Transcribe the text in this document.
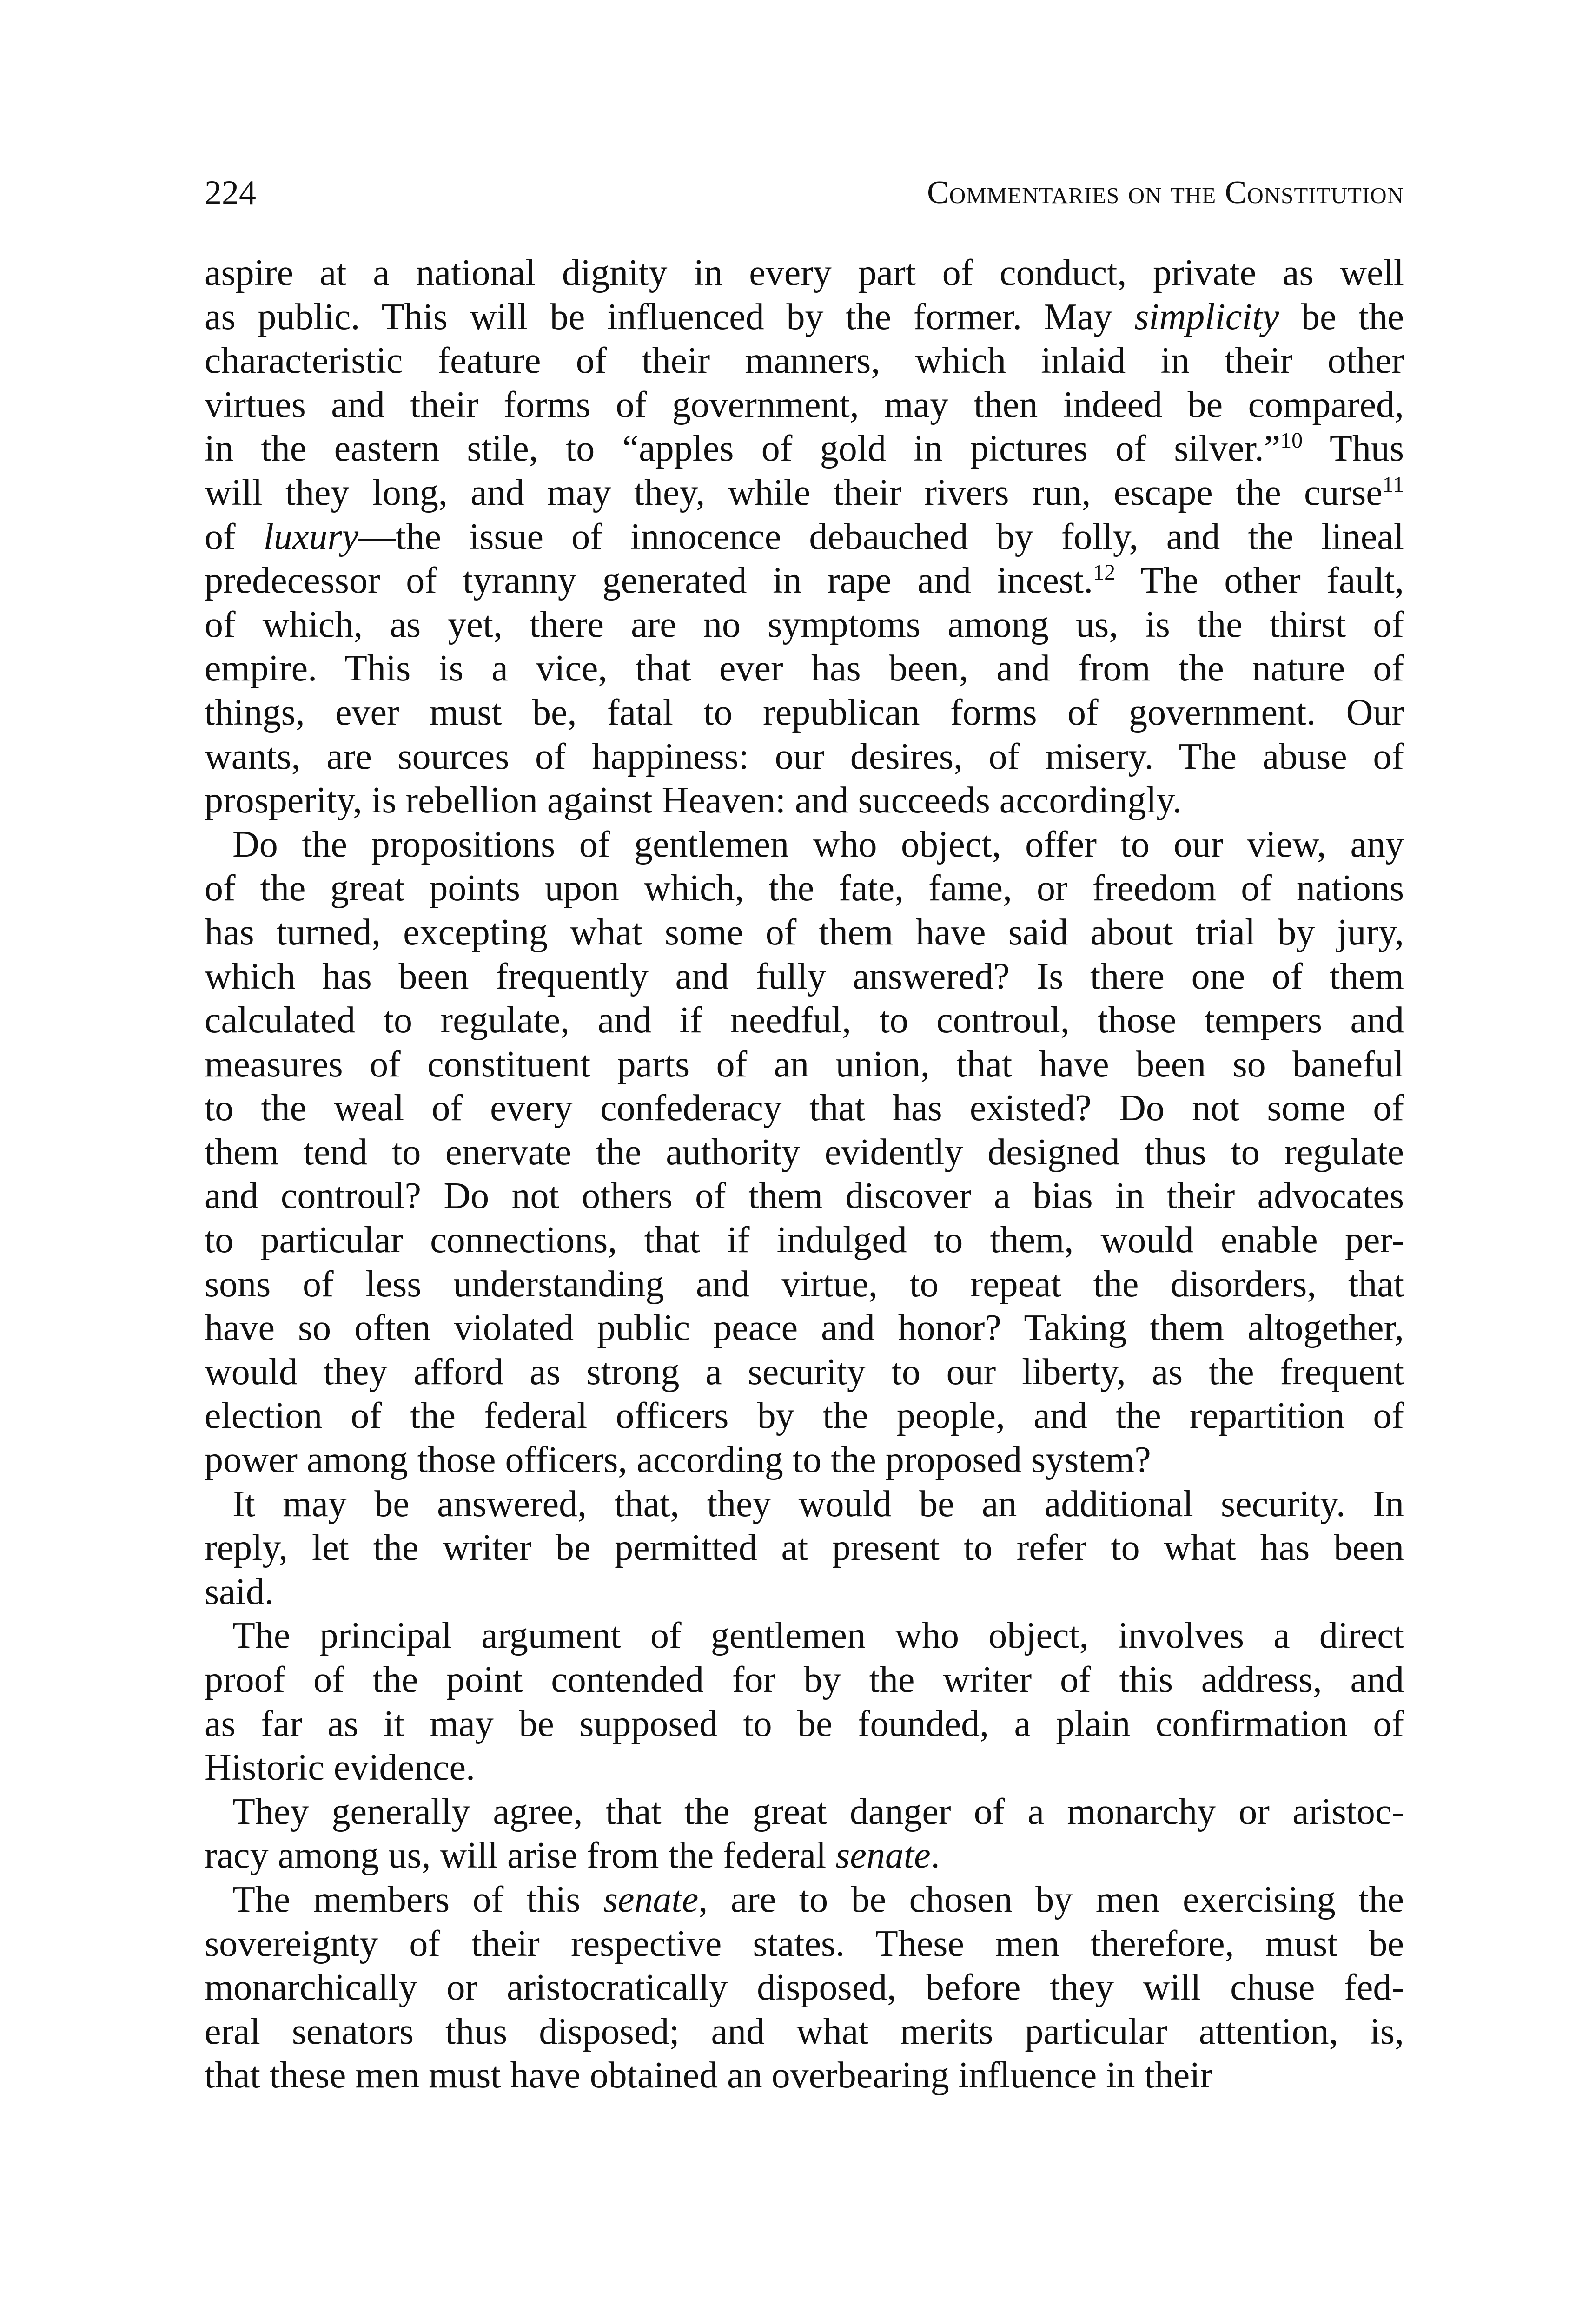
224	Commentaries on the Constitution
aspire at a national dignity in every part of conduct, private as well
as public. This will be influenced by the former. May simplicity be the
characteristic feature of their manners, which inlaid in their other
virtues and their forms of government, may then indeed be compared,
in the eastern stile, to “apples of gold in pictures of silver.”$^{10}$ Thus
will they long, and may they, while their rivers run, escape the curse$^{11}$
of luxury—the issue of innocence debauched by folly, and the lineal
predecessor of tyranny generated in rape and incest.$^{12}$ The other fault,
of which, as yet, there are no symptoms among us, is the thirst of
empire. This is a vice, that ever has been, and from the nature of
things, ever must be, fatal to republican forms of government. Our
wants, are sources of happiness: our desires, of misery. The abuse of
prosperity, is rebellion against Heaven: and succeeds accordingly.
Do the propositions of gentlemen who object, offer to our view, any
of the great points upon which, the fate, fame, or freedom of nations
has turned, excepting what some of them have said about trial by jury,
which has been frequently and fully answered? Is there one of them
calculated to regulate, and if needful, to controul, those tempers and
measures of constituent parts of an union, that have been so baneful
to the weal of every confederacy that has existed? Do not some of
them tend to enervate the authority evidently designed thus to regulate
and controul? Do not others of them discover a bias in their advocates
to particular connections, that if indulged to them, would enable per-
sons of less understanding and virtue, to repeat the disorders, that
have so often violated public peace and honor? Taking them altogether,
would they afford as strong a security to our liberty, as the frequent
election of the federal officers by the people, and the repartition of
power among those officers, according to the proposed system?
It may be answered, that, they would be an additional security. In
reply, let the writer be permitted at present to refer to what has been
said.
The principal argument of gentlemen who object, involves a direct
proof of the point contended for by the writer of this address, and
as far as it may be supposed to be founded, a plain confirmation of
Historic evidence.
They generally agree, that the great danger of a monarchy or aristoc-
racy among us, will arise from the federal senate.
The members of this senate, are to be chosen by men exercising the
sovereignty of their respective states. These men therefore, must be
monarchically or aristocratically disposed, before they will chuse fed-
eral senators thus disposed; and what merits particular attention, is,
that these men must have obtained an overbearing influence in their
